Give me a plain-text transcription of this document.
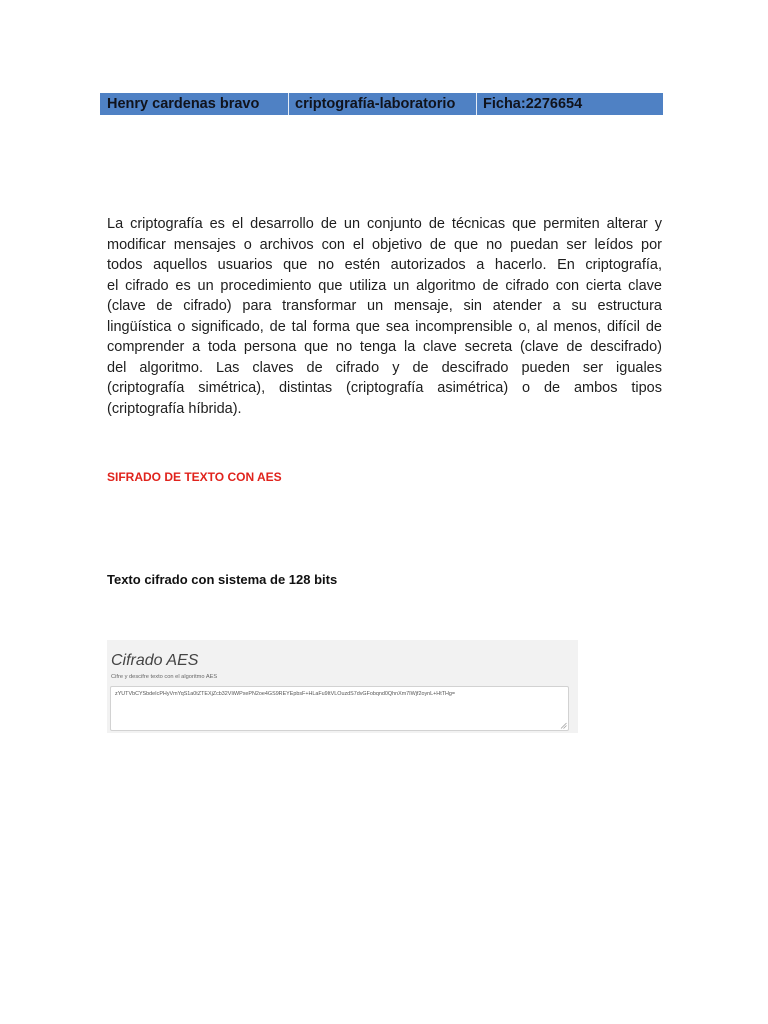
Henry cardenas bravo	criptografía-laboratorio	Ficha:2276654
La criptografía es el desarrollo de un conjunto de técnicas que permiten alterar y
modificar mensajes o archivos con el objetivo de que no puedan ser leídos por
todos aquellos usuarios que no estén autorizados a hacerlo. En criptografía,
el cifrado es un procedimiento que utiliza un algoritmo de cifrado con cierta clave
(clave de cifrado) para transformar un mensaje, sin atender a su estructura
lingüística o significado, de tal forma que sea incomprensible o, al menos, difícil de
comprender a toda persona que no tenga la clave secreta (clave de descifrado)
del algoritmo. Las claves de cifrado y de descifrado pueden ser iguales
(criptografía simétrica), distintas (criptografía asimétrica) o de ambos tipos
(criptografía híbrida).
SIFRADO DE TEXTO CON AES
Texto cifrado con sistema de 128 bits
Cifrado AES
Cifre y descifre texto con el algoritmo AES
zYUTVbCYSbdeIcPHyVmYqS1a0tZTEXjZcb32VIiWPxePN2oe4GS9REYEpbsF+HLaFu9ItVLOuzdS7dvGFobqnd0QhnXm7IWjf2oynL+HtTHg=
